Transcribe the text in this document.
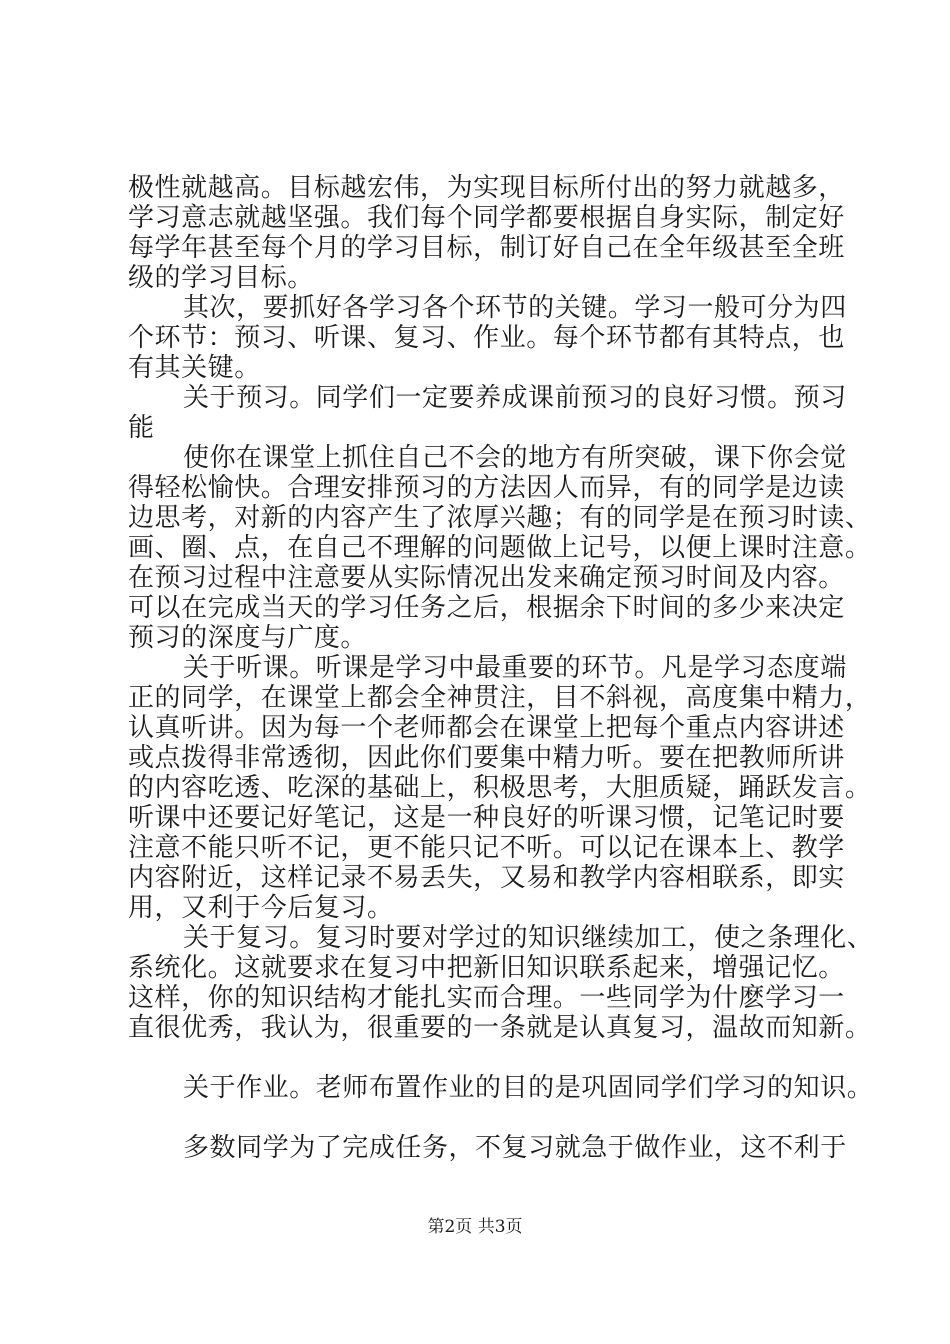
极性就越高。目标越宏伟，为实现目标所付出的努力就越多，
学习意志就越坚强。我们每个同学都要根据自身实际，制定好
每学年甚至每个月的学习目标，制订好自己在全年级甚至全班
级的学习目标。
其次，要抓好各学习各个环节的关键。学习一般可分为四
个环节：预习、听课、复习、作业。每个环节都有其特点，也
有其关键。
关于预习。同学们一定要养成课前预习的良好习惯。预习
能
使你在课堂上抓住自己不会的地方有所突破，课下你会觉
得轻松愉快。合理安排预习的方法因人而异，有的同学是边读
边思考，对新的内容产生了浓厚兴趣；有的同学是在预习时读、
画、圈、点，在自己不理解的问题做上记号，以便上课时注意。
在预习过程中注意要从实际情况出发来确定预习时间及内容。
可以在完成当天的学习任务之后，根据余下时间的多少来决定
预习的深度与广度。
关于听课。听课是学习中最重要的环节。凡是学习态度端
正的同学，在课堂上都会全神贯注，目不斜视，高度集中精力，
认真听讲。因为每一个老师都会在课堂上把每个重点内容讲述
或点拨得非常透彻，因此你们要集中精力听。要在把教师所讲
的内容吃透、吃深的基础上，积极思考，大胆质疑，踊跃发言。
听课中还要记好笔记，这是一种良好的听课习惯，记笔记时要
注意不能只听不记，更不能只记不听。可以记在课本上、教学
内容附近，这样记录不易丢失，又易和教学内容相联系，即实
用，又利于今后复习。
关于复习。复习时要对学过的知识继续加工，使之条理化、
系统化。这就要求在复习中把新旧知识联系起来，增强记忆。
这样，你的知识结构才能扎实而合理。一些同学为什麽学习一
直很优秀，我认为，很重要的一条就是认真复习，温故而知新。
关于作业。老师布置作业的目的是巩固同学们学习的知识。
多数同学为了完成任务，不复习就急于做作业，这不利于
第2页 共3页
